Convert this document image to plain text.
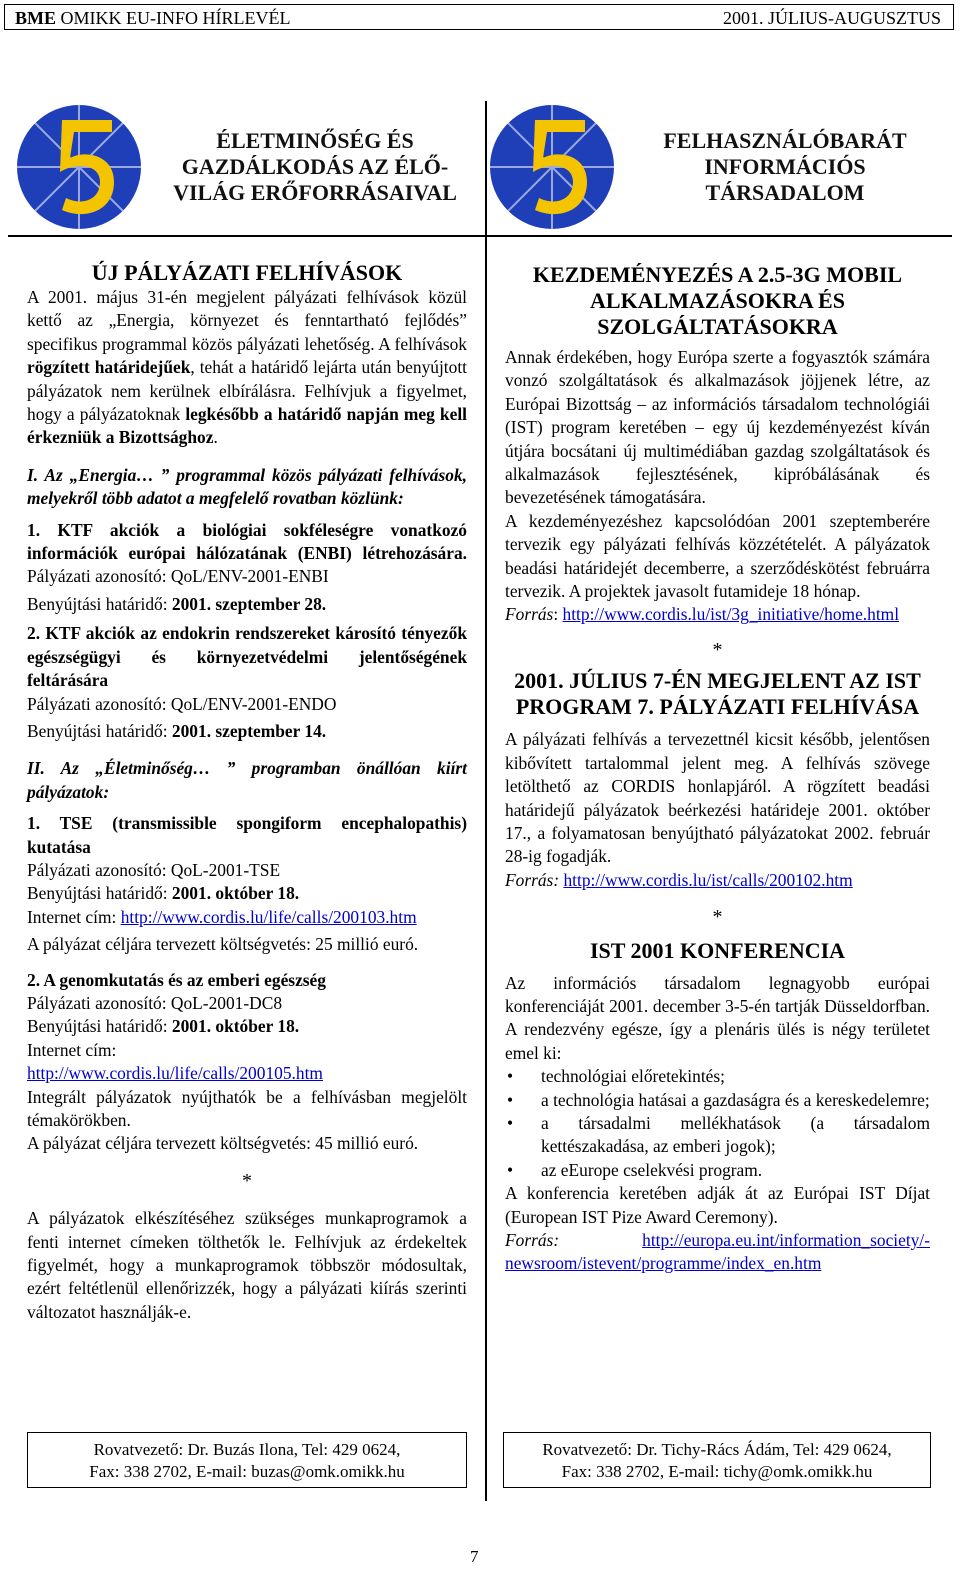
BME OMIKK EU-INFO HÍRLEVÉL	2001. JÚLIUS-AUGUSZTUS
ÉLETMINŐSÉG ÉS
GAZDÁLKODÁS AZ ÉLŐ-
VILÁG ERŐFORRÁSAIVAL
FELHASZNÁLÓBARÁT
INFORMÁCIÓS
TÁRSADALOM
ÚJ PÁLYÁZATI FELHÍVÁSOK

A 2001. május 31-én megjelent pályázati felhívások közül kettő az „Energia, környezet és fenntartható fejlődés” specifikus programmal közös pályázati lehetőség. A felhívások rögzített határidejűek, tehát a határidő lejárta után benyújtott pályázatok nem kerülnek elbírálásra. Felhívjuk a figyelmet, hogy a pályázatoknak legkésőbb a határidő napján meg kell érkezniük a Bizottsághoz.

I. Az „Energia… ” programmal közös pályázati felhívások, melyekről több adatot a megfelelő rovatban közlünk:

1. KTF akciók a biológiai sokféleségre vonatkozó információk európai hálózatának (ENBI) létrehozására. Pályázati azonosító: QoL/ENV-2001-ENBI

Benyújtási határidő: 2001. szeptember 28.

2. KTF akciók az endokrin rendszereket károsító tényezők egészségügyi és környezetvédelmi jelentőségének feltárására

Pályázati azonosító: QoL/ENV-2001-ENDO

Benyújtási határidő: 2001. szeptember 14.

II. Az „Életminőség… ” programban önállóan kiírt pályázatok:

1. TSE (transmissible spongiform encephalopathis) kutatása

Pályázati azonosító: QoL-2001-TSE

Benyújtási határidő: 2001. október 18.

Internet cím: http://www.cordis.lu/life/calls/200103.htm

A pályázat céljára tervezett költségvetés: 25 millió euró.

2. A genomkutatás és az emberi egészség

Pályázati azonosító: QoL-2001-DC8

Benyújtási határidő: 2001. október 18.

Internet cím:

http://www.cordis.lu/life/calls/200105.htm

Integrált pályázatok nyújthatók be a felhívásban megjelölt témakörökben.

A pályázat céljára tervezett költségvetés: 45 millió euró.

*

A pályázatok elkészítéséhez szükséges munkaprogramok a fenti internet címeken tölthetők le. Felhívjuk az érdekeltek figyelmét, hogy a munkaprogramok többször módosultak, ezért feltétlenül ellenőrizzék, hogy a pályázati kiírás szerinti változatot használják-e.

KEZDEMÉNYEZÉS A 2.5-3G MOBIL ALKALMAZÁSOKRA ÉS SZOLGÁLTATÁSOKRA

Annak érdekében, hogy Európa szerte a fogyasztók számára vonzó szolgáltatások és alkalmazások jöjjenek létre, az Európai Bizottság – az információs társadalom technológiái (IST) program keretében – egy új kezdeményezést kíván útjára bocsátani új multimédiában gazdag szolgáltatások és alkalmazások fejlesztésének, kipróbálásának és bevezetésének támogatására.

A kezdeményezéshez kapcsolódóan 2001 szeptemberére tervezik egy pályázati felhívás közzétételét. A pályázatok beadási határidejét decemberre, a szerződéskötést februárra tervezik. A projektek javasolt futamideje 18 hónap.

Forrás: http://www.cordis.lu/ist/3g_initiative/home.html

*

2001. JÚLIUS 7-ÉN MEGJELENT AZ IST PROGRAM 7. PÁLYÁZATI FELHÍVÁSA

A pályázati felhívás a tervezettnél kicsit később, jelentősen kibővített tartalommal jelent meg. A felhívás szövege letölthető az CORDIS honlapjáról. A rögzített beadási határidejű pályázatok beérkezési határideje 2001. október 17., a folyamatosan benyújtható pályázatokat 2002. február 28-ig fogadják.

Forrás: http://www.cordis.lu/ist/calls/200102.htm

*

IST 2001 KONFERENCIA

Az információs társadalom legnagyobb európai konferenciáját 2001. december 3-5-én tartják Düsseldorfban. A rendezvény egésze, így a plenáris ülés is négy területet emel ki:

• technológiai előretekintés;
• a technológia hatásai a gazdaságra és a kereskedelemre;
• a társadalmi mellékhatások (a társadalom kettészakadása, az emberi jogok);
• az eEurope cselekvési program.

A konferencia keretében adják át az Európai IST Díjat (European IST Pize Award Ceremony).

Forrás:	http://europa.eu.int/information_society/-newsroom/istevent/programme/index_en.htm

Rovatvezető: Dr. Buzás Ilona, Tel: 429 0624,
Fax: 338 2702, E-mail: buzas@omk.omikk.hu
Rovatvezető: Dr. Tichy-Rács Ádám, Tel: 429 0624,
Fax: 338 2702, E-mail: tichy@omk.omikk.hu
7
